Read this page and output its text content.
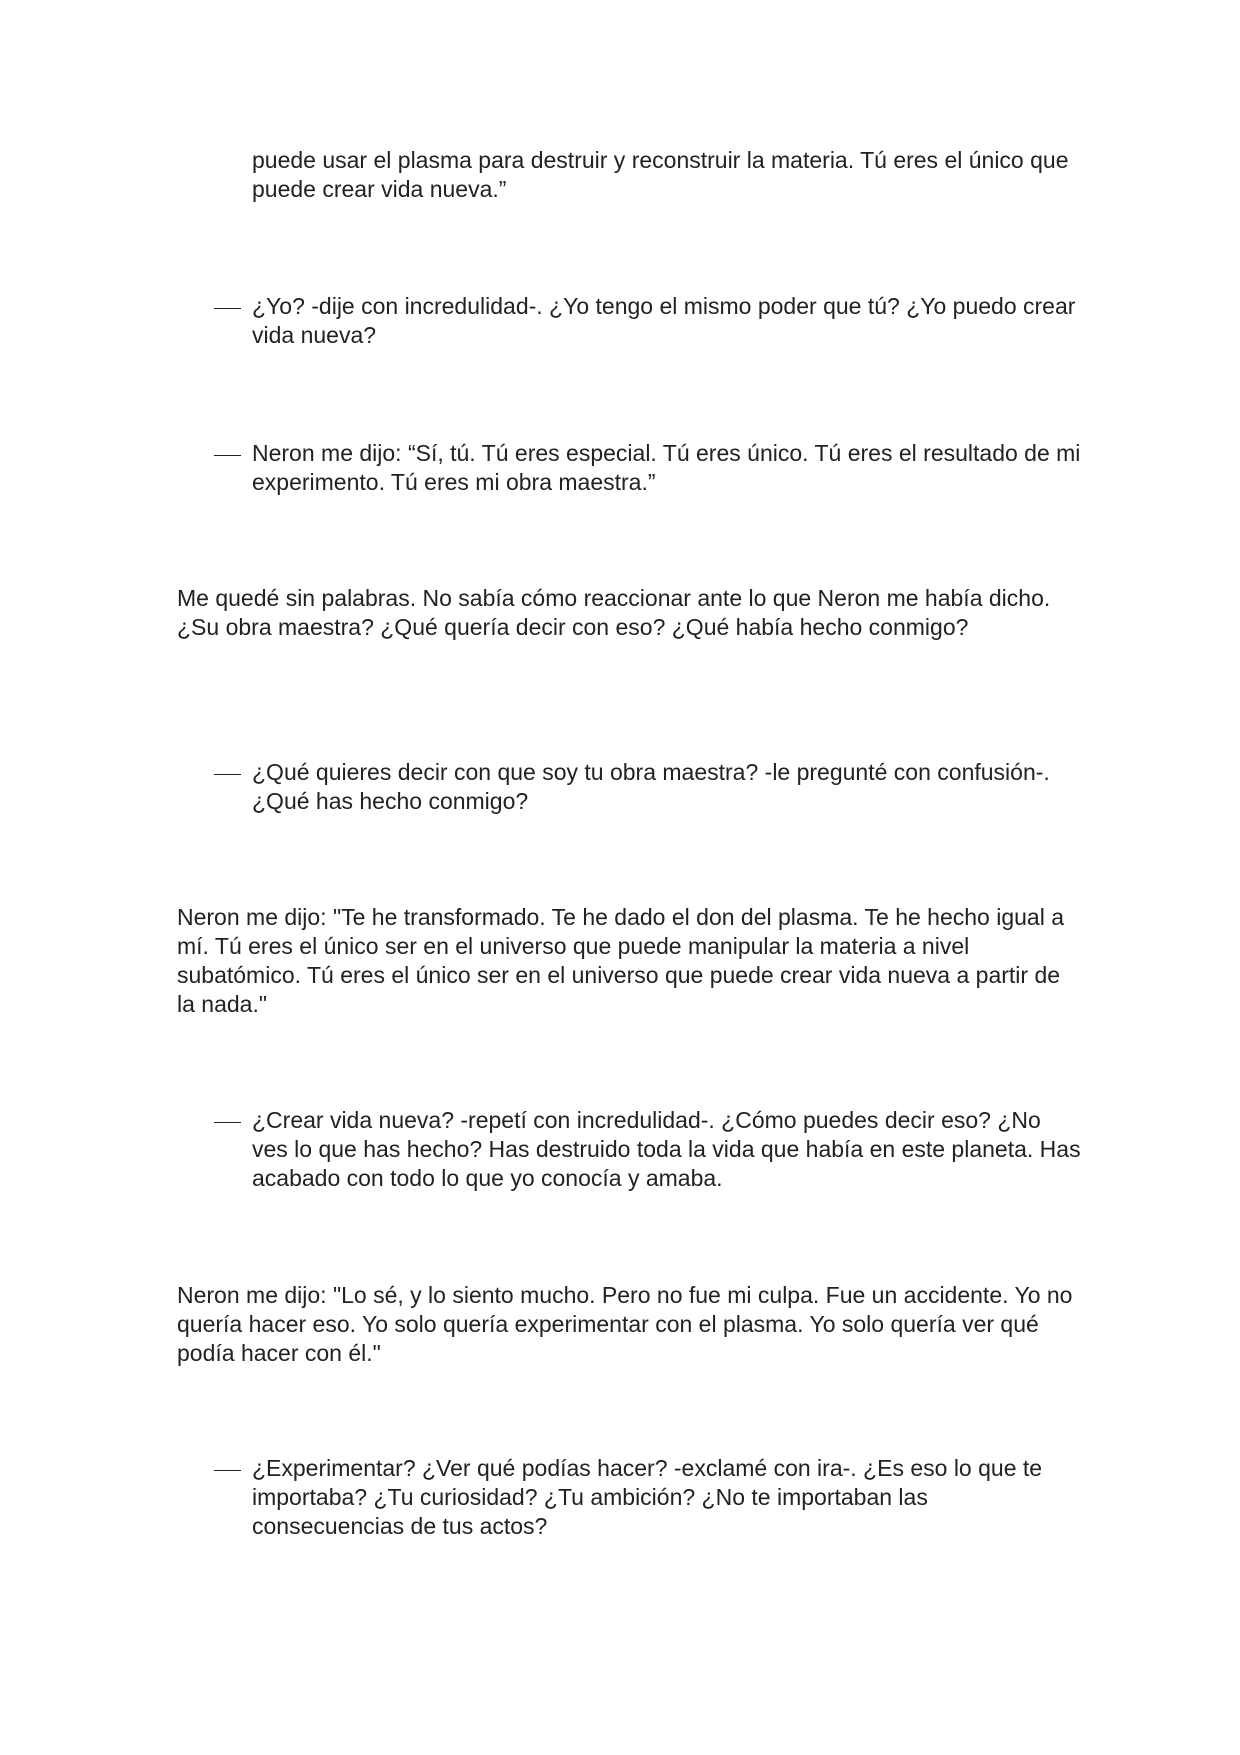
puede usar el plasma para destruir y reconstruir la materia. Tú eres el único que puede crear vida nueva.”

¿Yo? -dije con incredulidad-. ¿Yo tengo el mismo poder que tú? ¿Yo puedo crear vida nueva?

Neron me dijo: “Sí, tú. Tú eres especial. Tú eres único. Tú eres el resultado de mi experimento. Tú eres mi obra maestra.”

Me quedé sin palabras. No sabía cómo reaccionar ante lo que Neron me había dicho. ¿Su obra maestra? ¿Qué quería decir con eso? ¿Qué había hecho conmigo?

¿Qué quieres decir con que soy tu obra maestra? -le pregunté con confusión-. ¿Qué has hecho conmigo?

Neron me dijo: "Te he transformado. Te he dado el don del plasma. Te he hecho igual a mí. Tú eres el único ser en el universo que puede manipular la materia a nivel subatómico. Tú eres el único ser en el universo que puede crear vida nueva a partir de la nada."

¿Crear vida nueva? -repetí con incredulidad-. ¿Cómo puedes decir eso? ¿No ves lo que has hecho? Has destruido toda la vida que había en este planeta. Has acabado con todo lo que yo conocía y amaba.

Neron me dijo: "Lo sé, y lo siento mucho. Pero no fue mi culpa. Fue un accidente. Yo no quería hacer eso. Yo solo quería experimentar con el plasma. Yo solo quería ver qué podía hacer con él."

¿Experimentar? ¿Ver qué podías hacer? -exclamé con ira-. ¿Es eso lo que te importaba? ¿Tu curiosidad? ¿Tu ambición? ¿No te importaban las consecuencias de tus actos?
